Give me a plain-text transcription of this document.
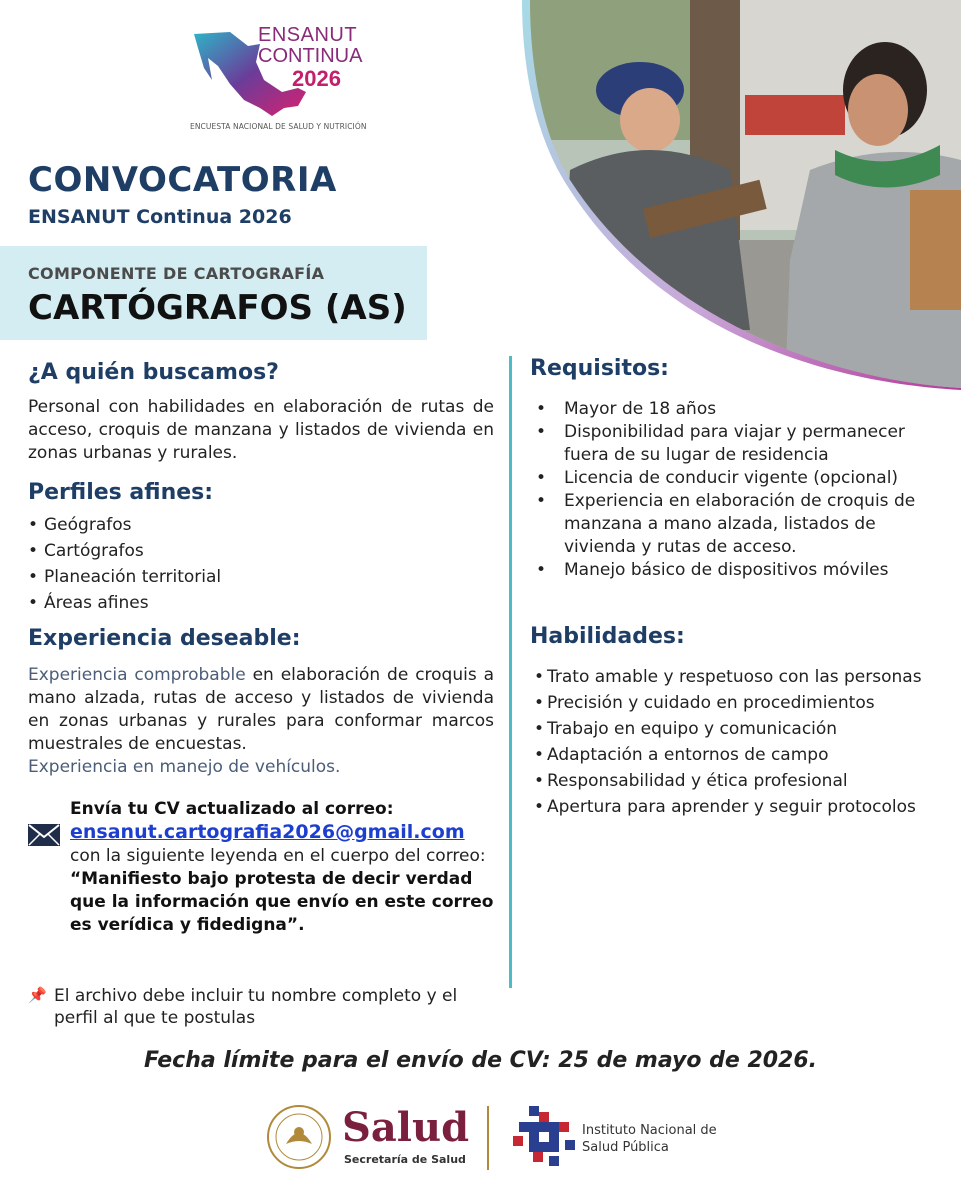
ENSANUT
CONTINUA
2026
ENCUESTA NACIONAL DE SALUD Y NUTRICIÓN
CONVOCATORIA
ENSANUT Continua 2026
COMPONENTE DE CARTOGRAFÍA
CARTÓGRAFOS (AS)
¿A quién buscamos?
Personal con habilidades en elaboración de rutas de acceso, croquis de manzana y listados de vivienda en zonas urbanas y rurales.
Perfiles afines:
• Geógrafos
• Cartógrafos
• Planeación territorial
• Áreas afines
Experiencia deseable:
Experiencia comprobable en elaboración de croquis a mano alzada, rutas de acceso y listados de vivienda en zonas urbanas y rurales para conformar marcos muestrales de encuestas.
Experiencia en manejo de vehículos.
Envía tu CV actualizado al correo:
ensanut.cartografia2026@gmail.com
con la siguiente leyenda en el cuerpo del correo:
“Manifiesto bajo protesta de decir verdad que la información que envío en este correo es verídica y fidedigna”.
📌 El archivo debe incluir tu nombre completo y el perfil al que te postulas
Requisitos:
• Mayor de 18 años
• Disponibilidad para viajar y permanecer fuera de su lugar de residencia
• Licencia de conducir vigente (opcional)
• Experiencia en elaboración de croquis de manzana a mano alzada, listados de vivienda y rutas de acceso.
• Manejo básico de dispositivos móviles
Habilidades:
• Trato amable y respetuoso con las personas
• Precisión y cuidado en procedimientos
• Trabajo en equipo y comunicación
• Adaptación a entornos de campo
• Responsabilidad y ética profesional
• Apertura para aprender y seguir protocolos
Fecha límite para el envío de CV: 25 de mayo de 2026.
Salud
Secretaría de Salud
Instituto Nacional de Salud Pública
